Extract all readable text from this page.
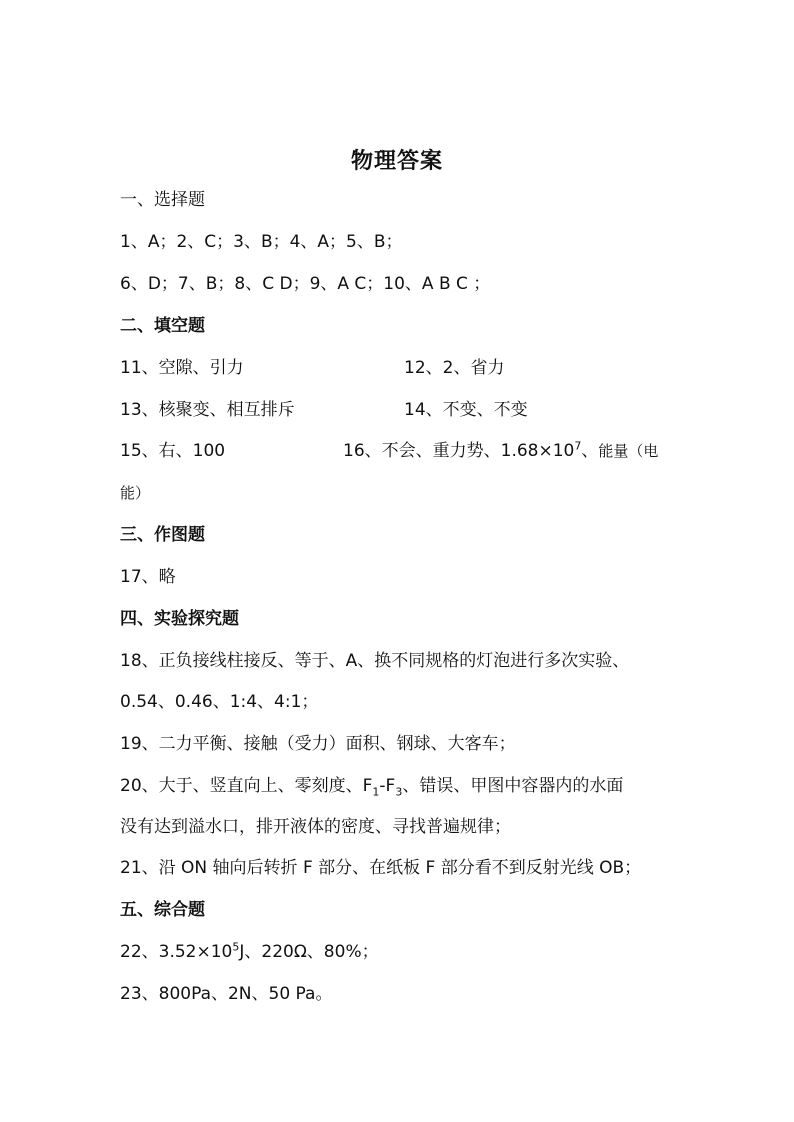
物理答案
一、选择题
1、A；2、C；3、B；4、A；5、B；
6、D；7、B；8、C D；9、A C；10、A B C ；
二、填空题
11、空隙、引力	12、2、省力
13、核聚变、相互排斥	14、不变、不变
15、右、100	16、不会、重力势、$1.68\times 10^7$、能量（电
能）
三、作图题
17、略
四、实验探究题
18、正负接线柱接反、等于、A、换不同规格的灯泡进行多次实验、
0.54、0.46、1:4、4:1；
19、二力平衡、接触（受力）面积、钢球、大客车；
20、大于、竖直向上、零刻度、$F_1-F_3$、错误、甲图中容器内的水面
没有达到溢水口，排开液体的密度、寻找普遍规律；
21、沿 ON 轴向后转折 F 部分、在纸板 F 部分看不到反射光线 OB；
五、综合题
22、$3.52\times 10^5J$、220Ω、80%；
23、800Pa、2N、50 Pa。
